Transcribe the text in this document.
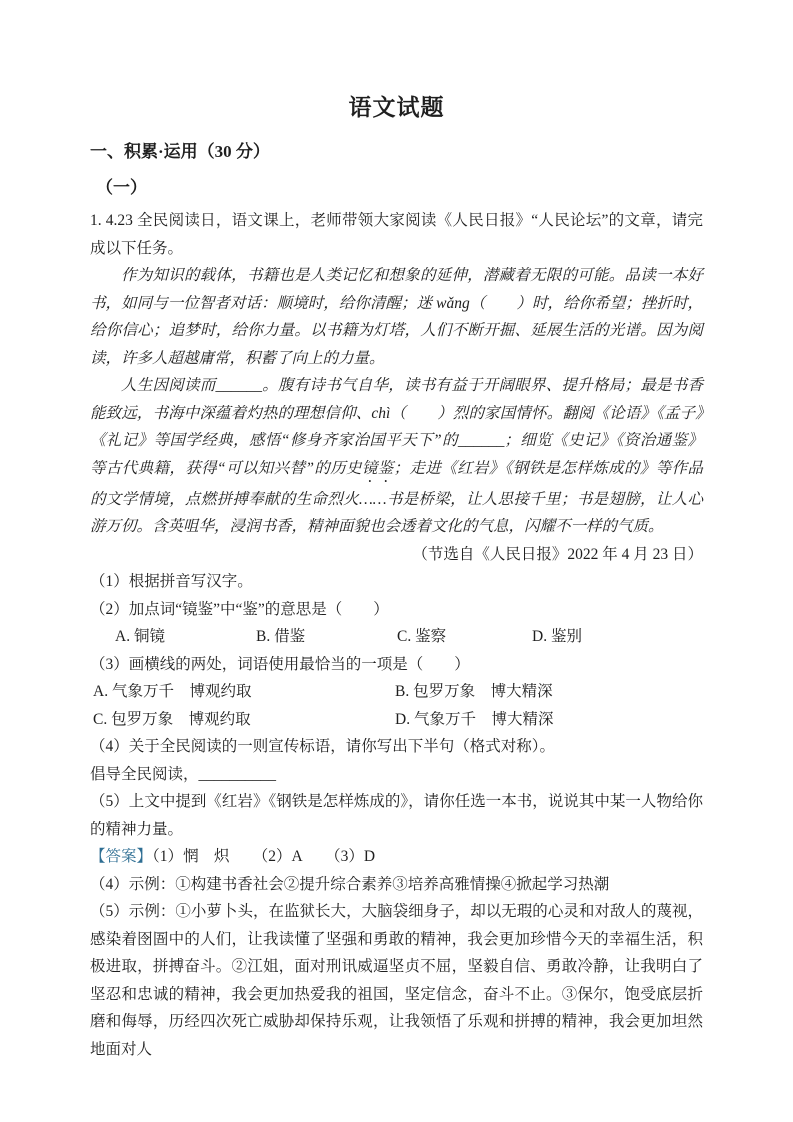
语文试题
一、积累·运用（30 分）
（一）

1. 4.23 全民阅读日，语文课上，老师带领大家阅读《人民日报》“人民论坛”的文章，请完成以下任务。

作为知识的载体，书籍也是人类记忆和想象的延伸，潜藏着无限的可能。品读一本好书，如同与一位智者对话：顺境时，给你清醒；迷 wǎng（　　）时，给你希望；挫折时，给你信心；追梦时，给你力量。以书籍为灯塔，人们不断开掘、延展生活的光谱。因为阅读，许多人超越庸常，积蓄了向上的力量。

人生因阅读而______。腹有诗书气自华，读书有益于开阔眼界、提升格局；最是书香能致远，书海中深蕴着灼热的理想信仰、chì（　　）烈的家国情怀。翻阅《论语》《孟子》《礼记》等国学经典，感悟“修身齐家治国平天下”的______；细览《史记》《资治通鉴》等古代典籍，获得“可以知兴替”的历史镜鉴；走进《红岩》《钢铁是怎样炼成的》等作品的文学情境，点燃拼搏奉献的生命烈火……书是桥梁，让人思接千里；书是翅膀，让人心游万仞。含英咀华，浸润书香，精神面貌也会透着文化的气息，闪耀不一样的气质。

（节选自《人民日报》2022 年 4 月 23 日）

（1）根据拼音写汉字。

（2）加点词“镜鉴”中“鉴”的意思是（　　）

A. 铜镜	B. 借鉴	C. 鉴察	D. 鉴别

（3）画横线的两处，词语使用最恰当的一项是（　　）

A. 气象万千　博观约取	B. 包罗万象　博大精深
C. 包罗万象　博观约取	D. 气象万千　博大精深

（4）关于全民阅读的一则宣传标语，请你写出下半句（格式对称）。

倡导全民阅读，__________

（5）上文中提到《红岩》《钢铁是怎样炼成的》，请你任选一本书，说说其中某一人物给你的精神力量。

【答案】（1）惘　炽　　（2）A　　（3）D

（4）示例：①构建书香社会②提升综合素养③培养高雅情操④掀起学习热潮

（5）示例：①小萝卜头，在监狱长大，大脑袋细身子，却以无瑕的心灵和对敌人的蔑视，感染着囹圄中的人们，让我读懂了坚强和勇敢的精神，我会更加珍惜今天的幸福生活，积极进取，拼搏奋斗。②江姐，面对刑讯威逼坚贞不屈，坚毅自信、勇敢冷静，让我明白了坚忍和忠诚的精神，我会更加热爱我的祖国，坚定信念，奋斗不止。③保尔，饱受底层折磨和侮辱，历经四次死亡威胁却保持乐观，让我领悟了乐观和拼搏的精神，我会更加坦然地面对人
